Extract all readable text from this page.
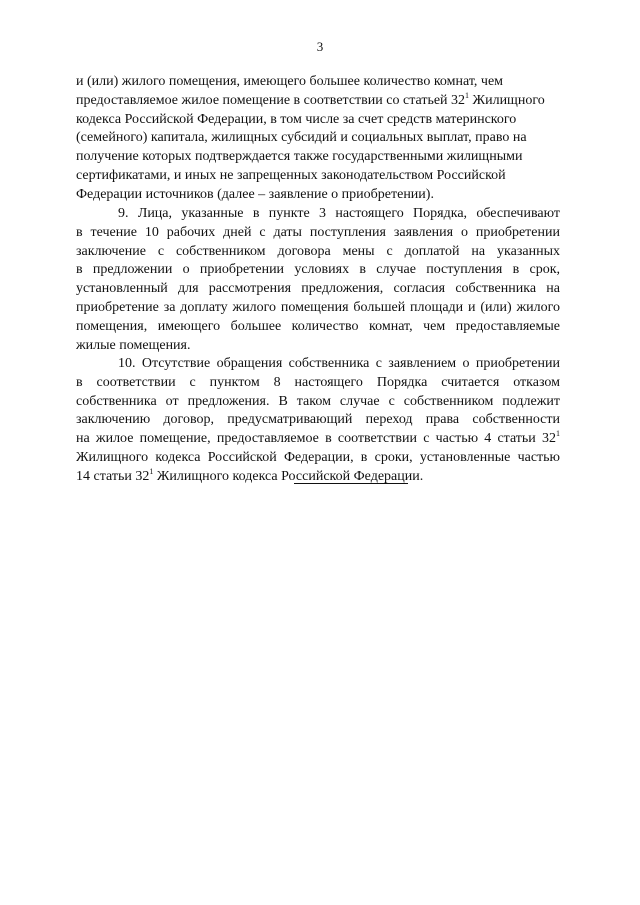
3
и (или) жилого помещения, имеющего большее количество комнат, чем
предоставляемое жилое помещение в соответствии со статьей $32^1$ Жилищного
кодекса Российской Федерации, в том числе за счет средств материнского
(семейного) капитала, жилищных субсидий и социальных выплат, право на
получение которых подтверждается также государственными жилищными
сертификатами, и иных не запрещенных законодательством Российской
Федерации источников (далее – заявление о приобретении).
9. Лица, указанные в пункте 3 настоящего Порядка, обеспечивают
в течение 10 рабочих дней с даты поступления заявления о приобретении
заключение с собственником договора мены с доплатой на указанных
в предложении о приобретении условиях в случае поступления в срок,
установленный для рассмотрения предложения, согласия собственника на
приобретение за доплату жилого помещения большей площади и (или) жилого
помещения, имеющего большее количество комнат, чем предоставляемые
жилые помещения.
10. Отсутствие обращения собственника с заявлением о приобретении
в соответствии с пунктом 8 настоящего Порядка считается отказом
собственника от предложения. В таком случае с собственником подлежит
заключению договор, предусматривающий переход права собственности
на жилое помещение, предоставляемое в соответствии с частью 4 статьи $32^1$
Жилищного кодекса Российской Федерации, в сроки, установленные частью
14 статьи $32^1$ Жилищного кодекса Российской Федерации.
